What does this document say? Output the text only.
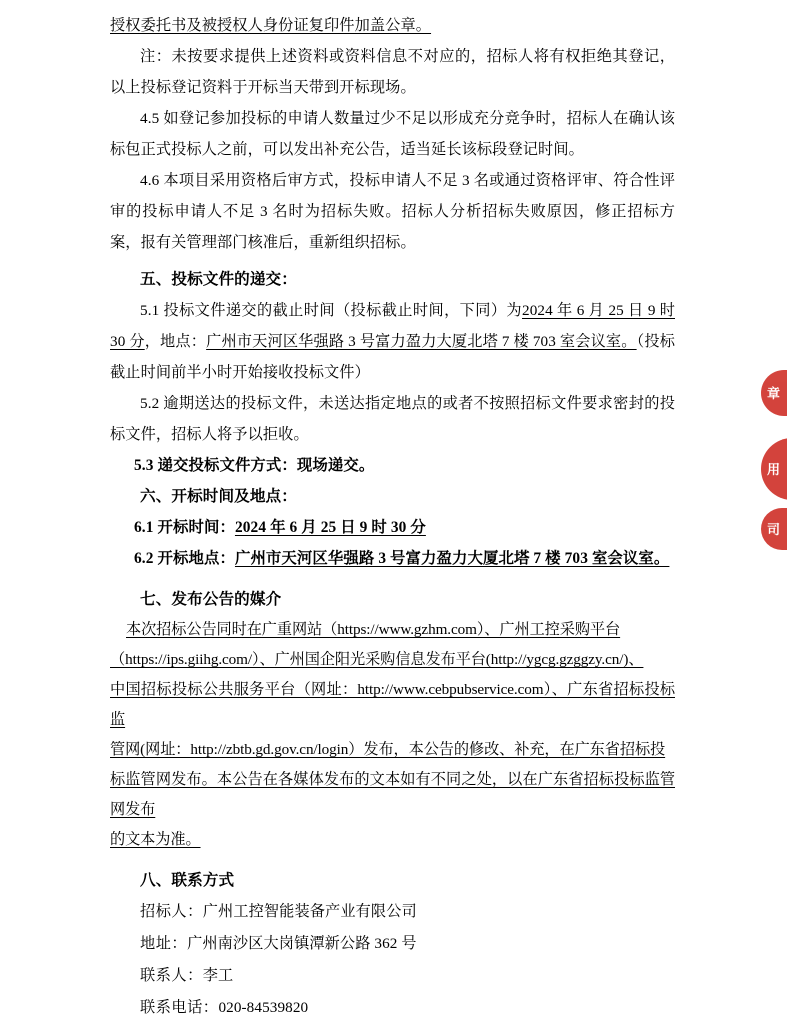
授权委托书及被授权人身份证复印件加盖公章。

注：未按要求提供上述资料或资料信息不对应的，招标人将有权拒绝其登记，以上投标登记资料于开标当天带到开标现场。

4.5 如登记参加投标的申请人数量过少不足以形成充分竞争时，招标人在确认该标包正式投标人之前，可以发出补充公告，适当延长该标段登记时间。

4.6 本项目采用资格后审方式，投标申请人不足 3 名或通过资格评审、符合性评审的投标申请人不足 3 名时为招标失败。招标人分析招标失败原因，修正招标方案，报有关管理部门核准后，重新组织招标。

五、投标文件的递交：

5.1 投标文件递交的截止时间（投标截止时间，下同）为2024 年 6 月 25 日 9 时 30 分，地点：广州市天河区华强路 3 号富力盈力大厦北塔 7 楼 703 室会议室。（投标截止时间前半小时开始接收投标文件）

5.2 逾期送达的投标文件，未送达指定地点的或者不按照招标文件要求密封的投标文件，招标人将予以拒收。

5.3 递交投标文件方式：现场递交。

六、开标时间及地点：

6.1 开标时间：2024 年 6 月 25 日 9 时 30 分

6.2 开标地点：广州市天河区华强路 3 号富力盈力大厦北塔 7 楼 703 室会议室。

七、发布公告的媒介

本次招标公告同时在广重网站（https://www.gzhm.com）、广州工控采购平台

（https://ips.giihg.com/）、广州国企阳光采购信息发布平台(http://ygcg.gzggzy.cn/)、

中国招标投标公共服务平台（网址：http://www.cebpubservice.com）、广东省招标投标监

管网(网址：http://zbtb.gd.gov.cn/login）发布，本公告的修改、补充，在广东省招标投

标监管网发布。本公告在各媒体发布的文本如有不同之处，以在广东省招标投标监管网发布

的文本为准。

八、联系方式

招标人：广州工控智能装备产业有限公司

地址：广州南沙区大岗镇潭新公路 362 号

联系人：李工

联系电话：020-84539820

章
用
司
